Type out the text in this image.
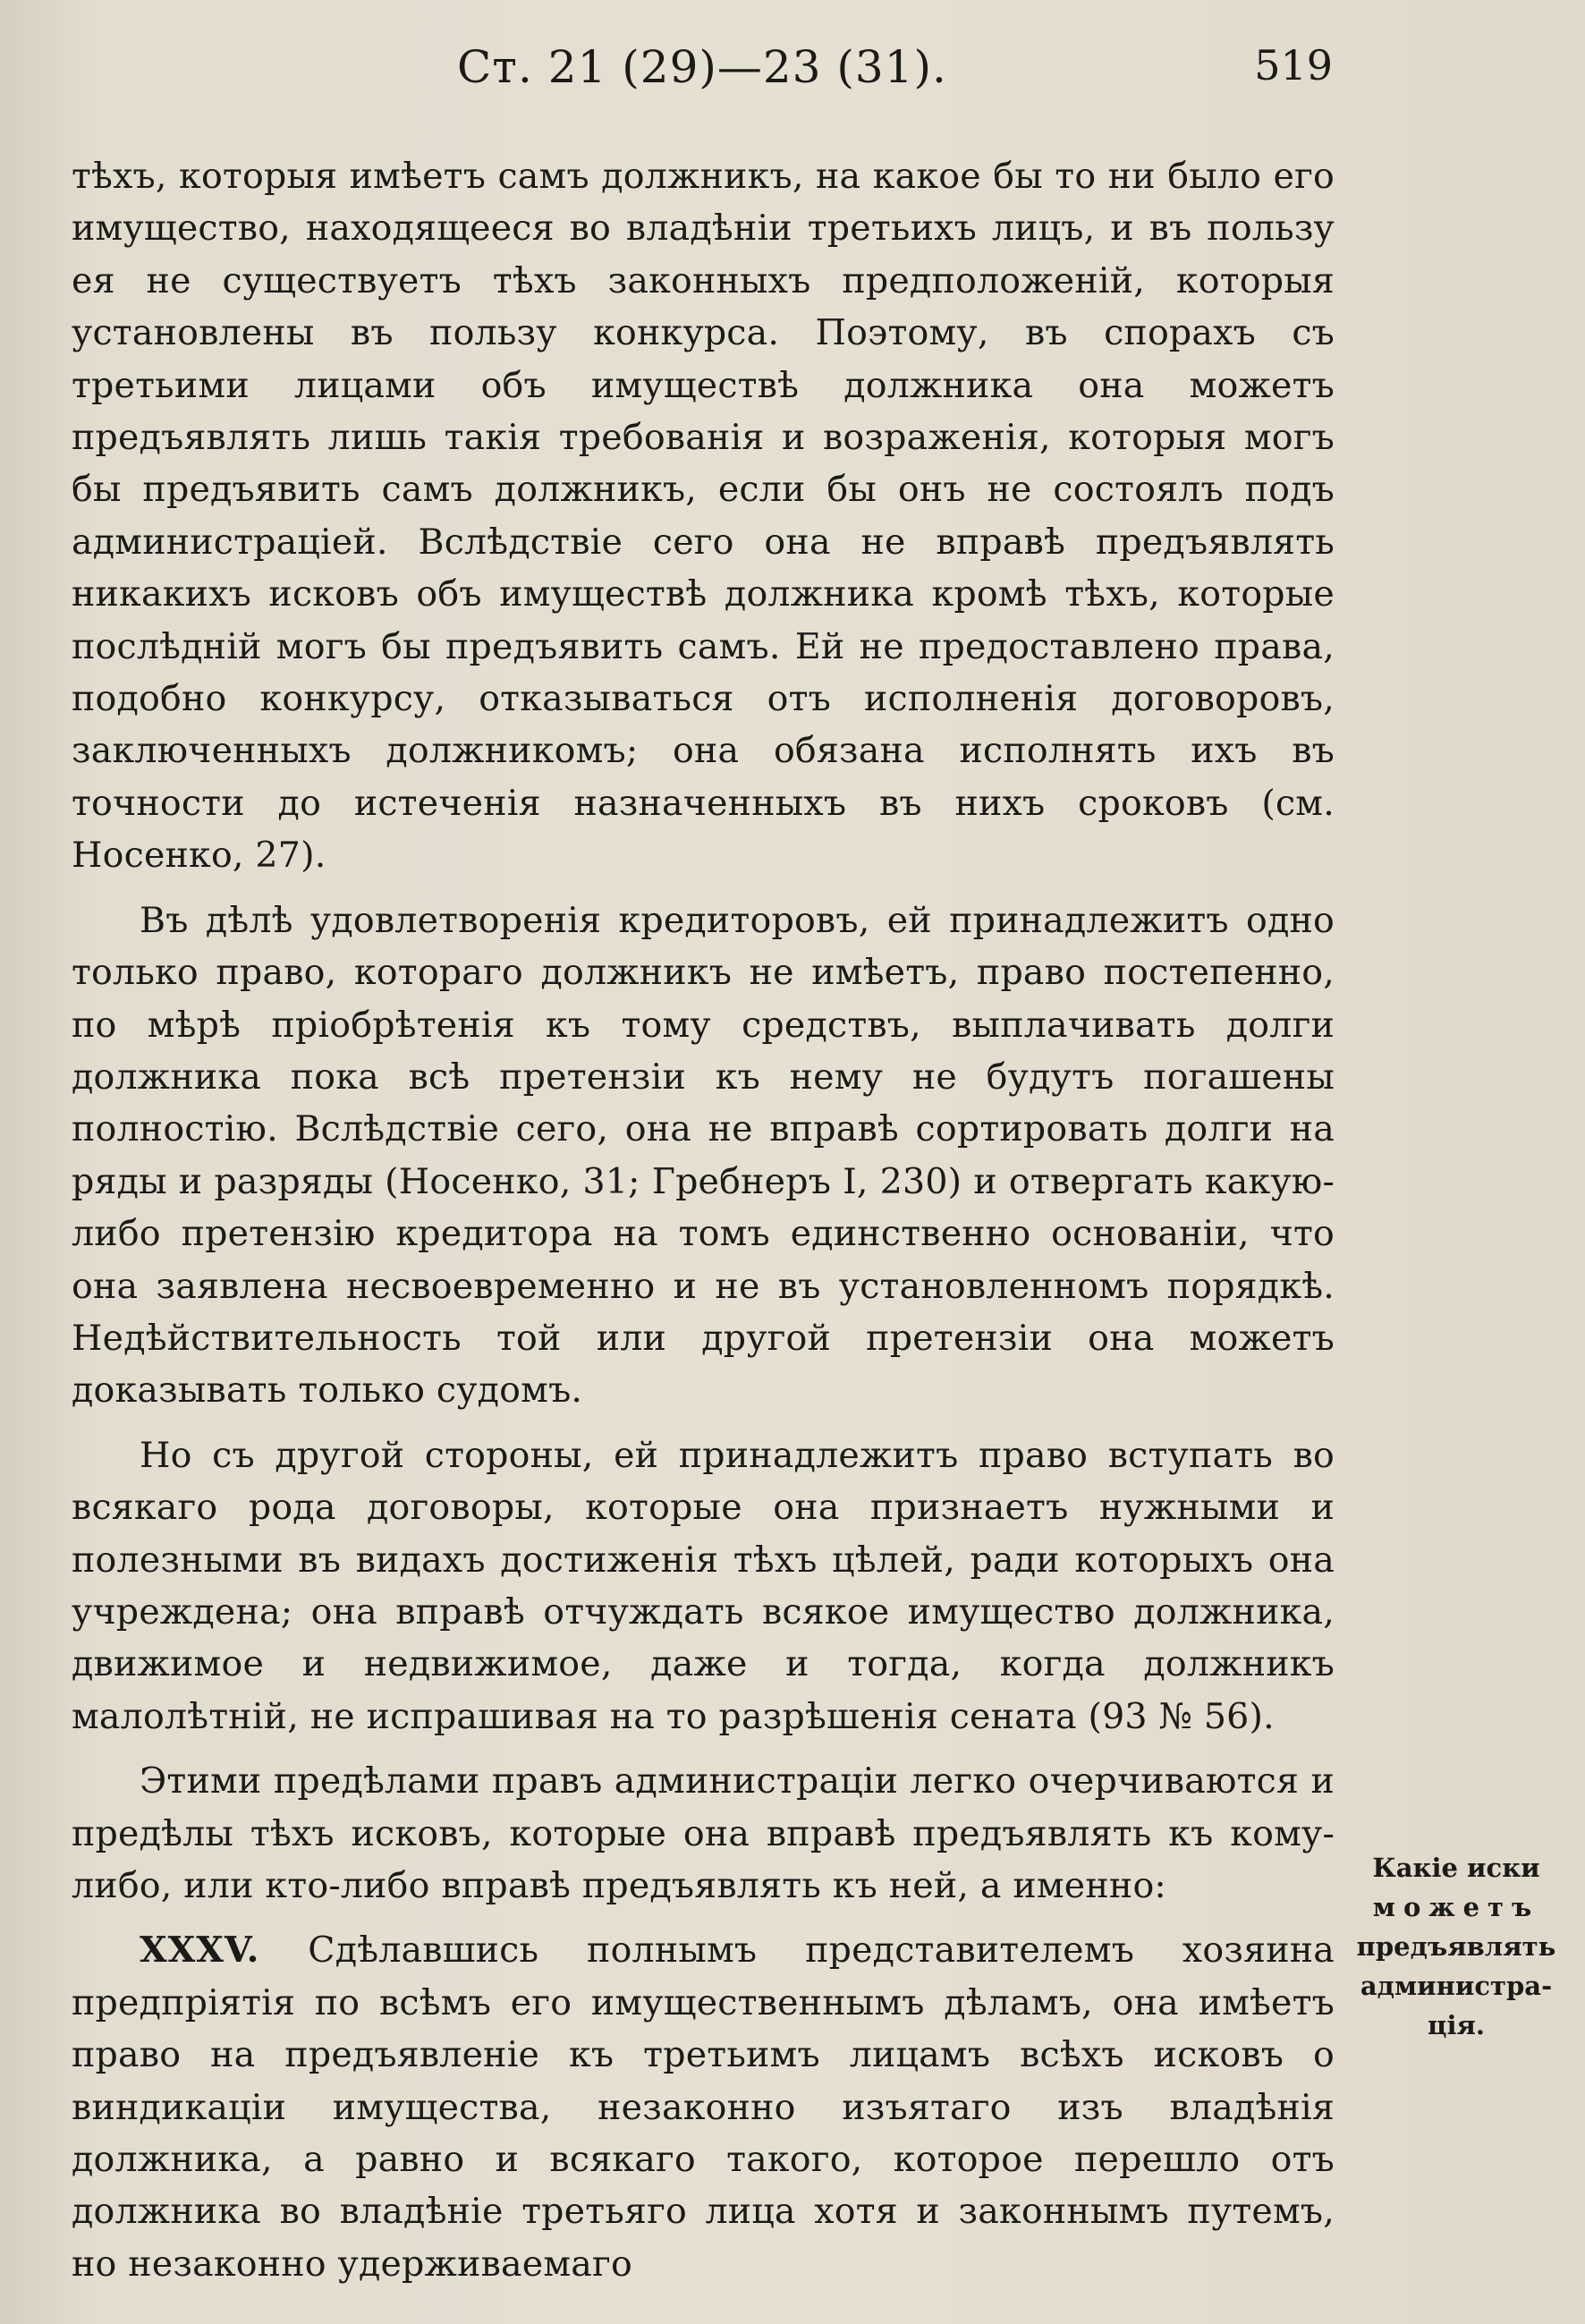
Ст. 21 (29)—23 (31).	519

тѣхъ, которыя имѣетъ самъ должникъ, на какое бы то ни было его имущество, находящееся во владѣніи третьихъ лицъ, и въ пользу ея не существуетъ тѣхъ законныхъ предположеній, которыя установлены въ пользу конкурса. Поэтому, въ спорахъ съ третьими лицами объ имуществѣ должника она можетъ предъявлять лишь такія требованія и возраженія, которыя могъ бы предъявить самъ должникъ, если бы онъ не состоялъ подъ администраціей. Вслѣдствіе сего она не вправѣ предъявлять никакихъ исковъ объ имуществѣ должника кромѣ тѣхъ, которые послѣдній могъ бы предъявить самъ. Ей не предоставлено права, подобно конкурсу, отказываться отъ исполненія договоровъ, заключенныхъ должникомъ; она обязана исполнять ихъ въ точности до истеченія назначенныхъ въ нихъ сроковъ (см. Носенко, 27).

Въ дѣлѣ удовлетворенія кредиторовъ, ей принадлежитъ одно только право, котораго должникъ не имѣетъ, право постепенно, по мѣрѣ пріобрѣтенія къ тому средствъ, выплачивать долги должника пока всѣ претензіи къ нему не будутъ погашены полностію. Вслѣдствіе сего, она не вправѣ сортировать долги на ряды и разряды (Носенко, 31; Гребнеръ I, 230) и отвергать какую-либо претензію кредитора на томъ единственно основаніи, что она заявлена несвоевременно и не въ установленномъ порядкѣ. Недѣйствительность той или другой претензіи она можетъ доказывать только судомъ.

Но съ другой стороны, ей принадлежитъ право вступать во всякаго рода договоры, которые она признаетъ нужными и полезными въ видахъ достиженія тѣхъ цѣлей, ради которыхъ она учреждена; она вправѣ отчуждать всякое имущество должника, движимое и недвижимое, даже и тогда, когда должникъ малолѣтній, не испрашивая на то разрѣшенія сената (93 № 56).

Этими предѣлами правъ администраціи легко очерчиваются и предѣлы тѣхъ исковъ, которые она вправѣ предъявлять къ кому-либо, или кто-либо вправѣ предъявлять къ ней, а именно:

XXXV. Сдѣлавшись полнымъ представителемъ хозяина предпріятія по всѣмъ его имущественнымъ дѣламъ, она имѣетъ право на предъявленіе къ третьимъ лицамъ всѣхъ исковъ о виндикаціи имущества, незаконно изъятаго изъ владѣнія должника, а равно и всякаго такого, которое перешло отъ должника во владѣніе третьяго лица хотя и законнымъ путемъ, но незаконно удерживаемаго

Какіе иски
можетъ
предъявлять
администра-
ція.
